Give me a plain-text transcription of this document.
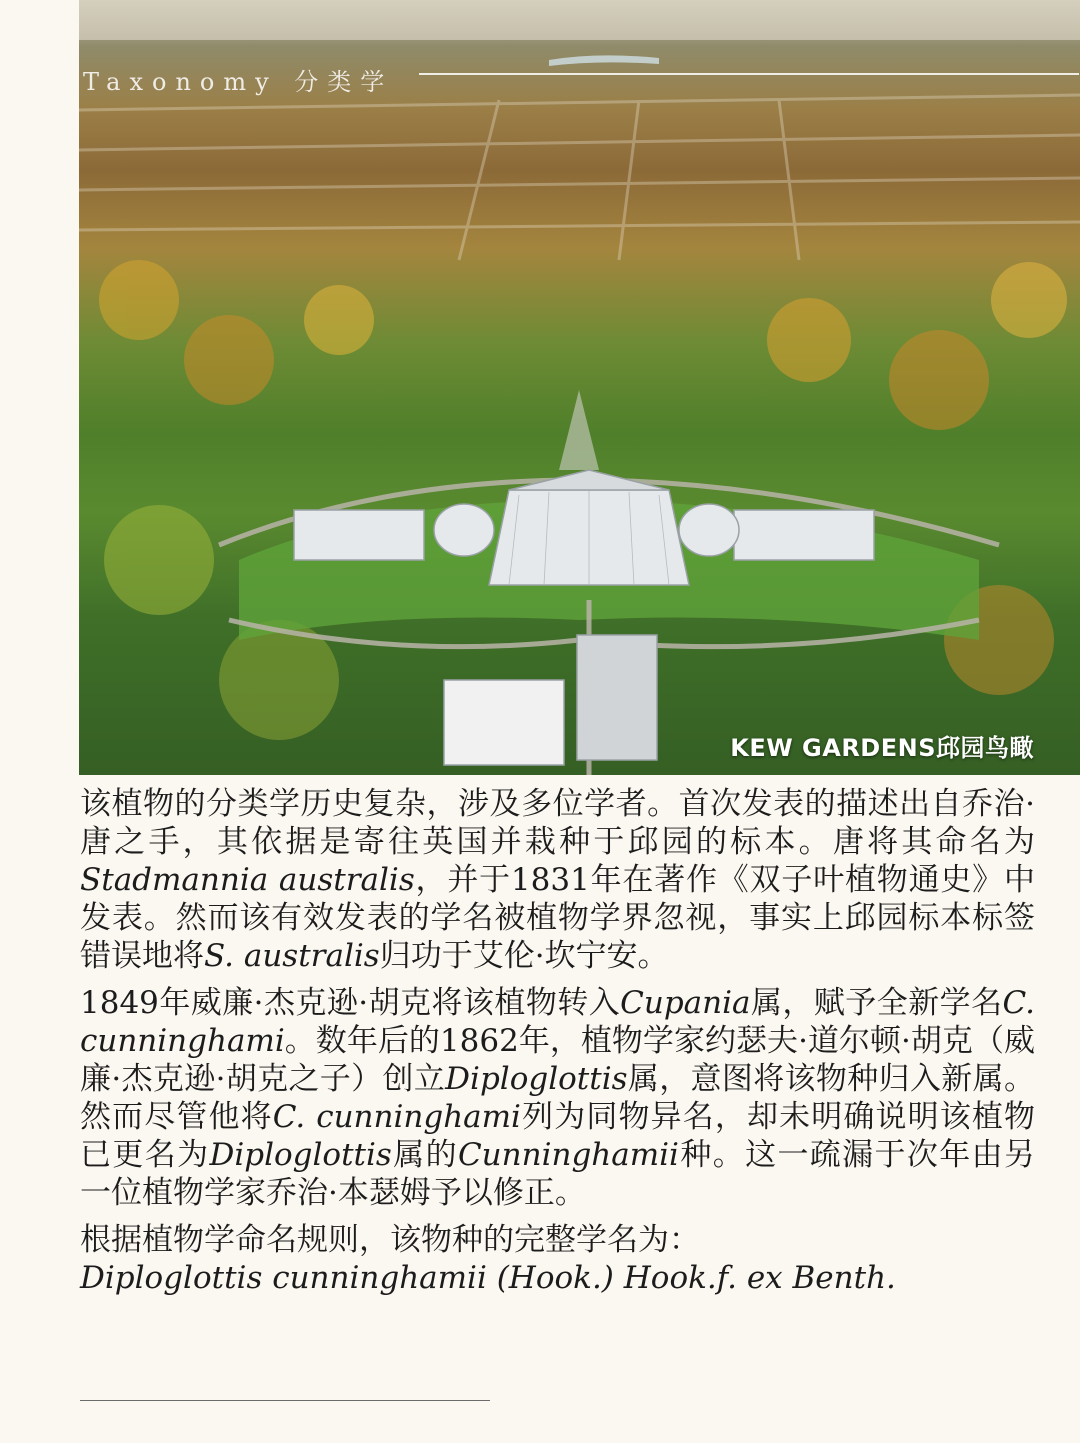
Taxonomy 分类学
KEW GARDENS邱园鸟瞰

该植物的分类学历史复杂，涉及多位学者。首次发表的描述出自乔治·唐之手，其依据是寄往英国并栽种于邱园的标本。唐将其命名为Stadmannia australis，并于1831年在著作《双子叶植物通史》中发表。然而该有效发表的学名被植物学界忽视，事实上邱园标本标签错误地将S. australis归功于艾伦·坎宁安。

1849年威廉·杰克逊·胡克将该植物转入Cupania属，赋予全新学名C. cunninghami。数年后的1862年，植物学家约瑟夫·道尔顿·胡克（威廉·杰克逊·胡克之子）创立Diploglottis属，意图将该物种归入新属。然而尽管他将C. cunninghami列为同物异名，却未明确说明该植物已更名为Diploglottis属的Cunninghamii种。这一疏漏于次年由另一位植物学家乔治·本瑟姆予以修正。

根据植物学命名规则，该物种的完整学名为：
Diploglottis cunninghamii (Hook.) Hook.f. ex Benth.
